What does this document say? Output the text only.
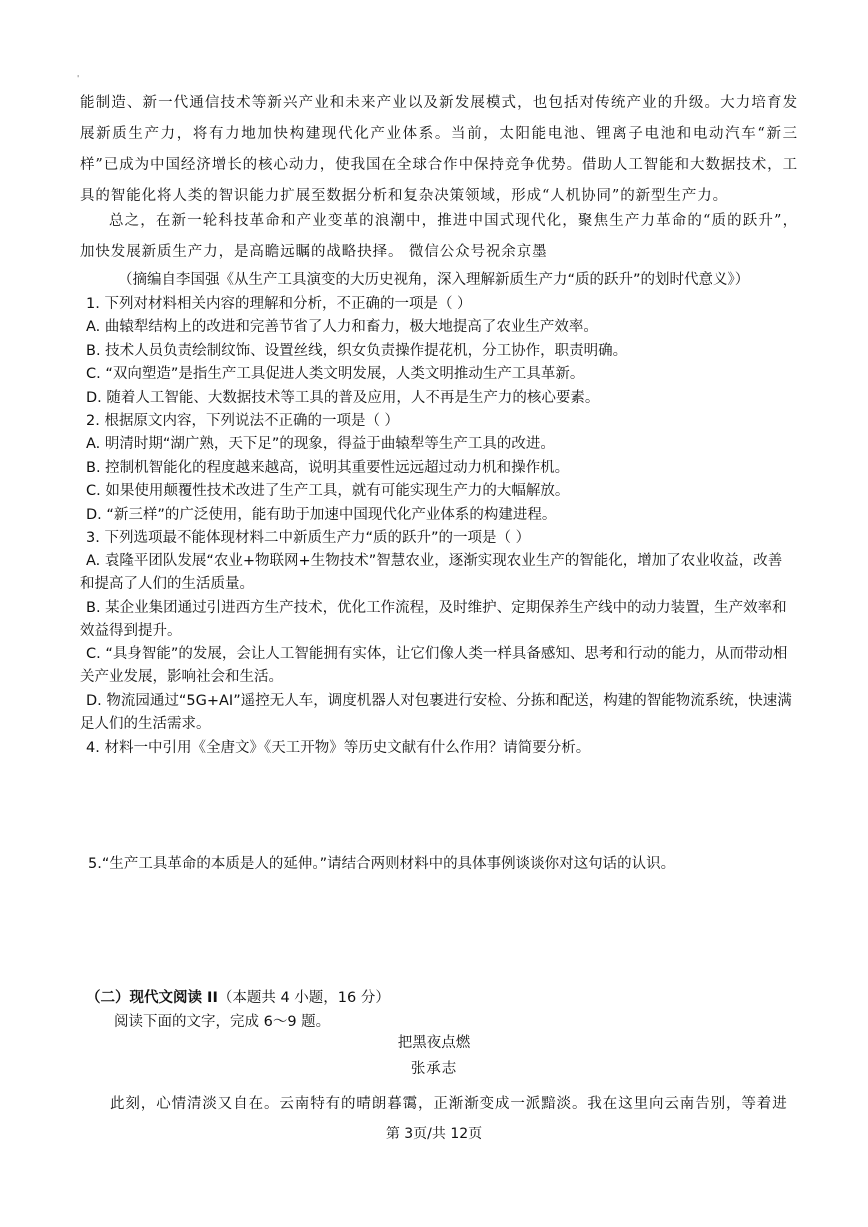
'
能制造、新一代通信技术等新兴产业和未来产业以及新发展模式，也包括对传统产业的升级。大力培育发展新质生产力，将有力地加快构建现代化产业体系。当前，太阳能电池、锂离子电池和电动汽车“新三样”已成为中国经济增长的核心动力，使我国在全球合作中保持竞争优势。借助人工智能和大数据技术，工具的智能化将人类的智识能力扩展至数据分析和复杂决策领域，形成“人机协同”的新型生产力。
总之，在新一轮科技革命和产业变革的浪潮中，推进中国式现代化，聚焦生产力革命的“质的跃升”，加快发展新质生产力，是高瞻远瞩的战略抉择。 微信公众号祝余京墨
（摘编自李国强《从生产工具演变的大历史视角，深入理解新质生产力“质的跃升”的划时代意义》）
1. 下列对材料相关内容的理解和分析，不正确的一项是（ ）
A. 曲辕犁结构上的改进和完善节省了人力和畜力，极大地提高了农业生产效率。
B. 技术人员负责绘制纹饰、设置丝线，织女负责操作提花机，分工协作，职责明确。
C. “双向塑造”是指生产工具促进人类文明发展，人类文明推动生产工具革新。
D. 随着人工智能、大数据技术等工具的普及应用，人不再是生产力的核心要素。
2. 根据原文内容，下列说法不正确的一项是（ ）
A. 明清时期“湖广熟，天下足”的现象，得益于曲辕犁等生产工具的改进。
B. 控制机智能化的程度越来越高，说明其重要性远远超过动力机和操作机。
C. 如果使用颠覆性技术改进了生产工具，就有可能实现生产力的大幅解放。
D. “新三样”的广泛使用，能有助于加速中国现代化产业体系的构建进程。
3. 下列选项最不能体现材料二中新质生产力“质的跃升”的一项是（ ）
A. 袁隆平团队发展“农业+物联网+生物技术”智慧农业，逐渐实现农业生产的智能化，增加了农业收益，改善和提高了人们的生活质量。
B. 某企业集团通过引进西方生产技术，优化工作流程，及时维护、定期保养生产线中的动力装置，生产效率和效益得到提升。
C. “具身智能”的发展，会让人工智能拥有实体，让它们像人类一样具备感知、思考和行动的能力，从而带动相关产业发展，影响社会和生活。
D. 物流园通过“5G+AI”遥控无人车，调度机器人对包裹进行安检、分拣和配送，构建的智能物流系统，快速满足人们的生活需求。
4. 材料一中引用《全唐文》《天工开物》等历史文献有什么作用？请简要分析。
5.“生产工具革命的本质是人的延伸。”请结合两则材料中的具体事例谈谈你对这句话的认识。
（二）现代文阅读 II（本题共 4 小题，16 分）
阅读下面的文字，完成 6～9 题。
把黑夜点燃
张承志
此刻，心情清淡又自在。云南特有的晴朗暮霭，正渐渐变成一派黯淡。我在这里向云南告别，等着进
第 3页/共 12页
